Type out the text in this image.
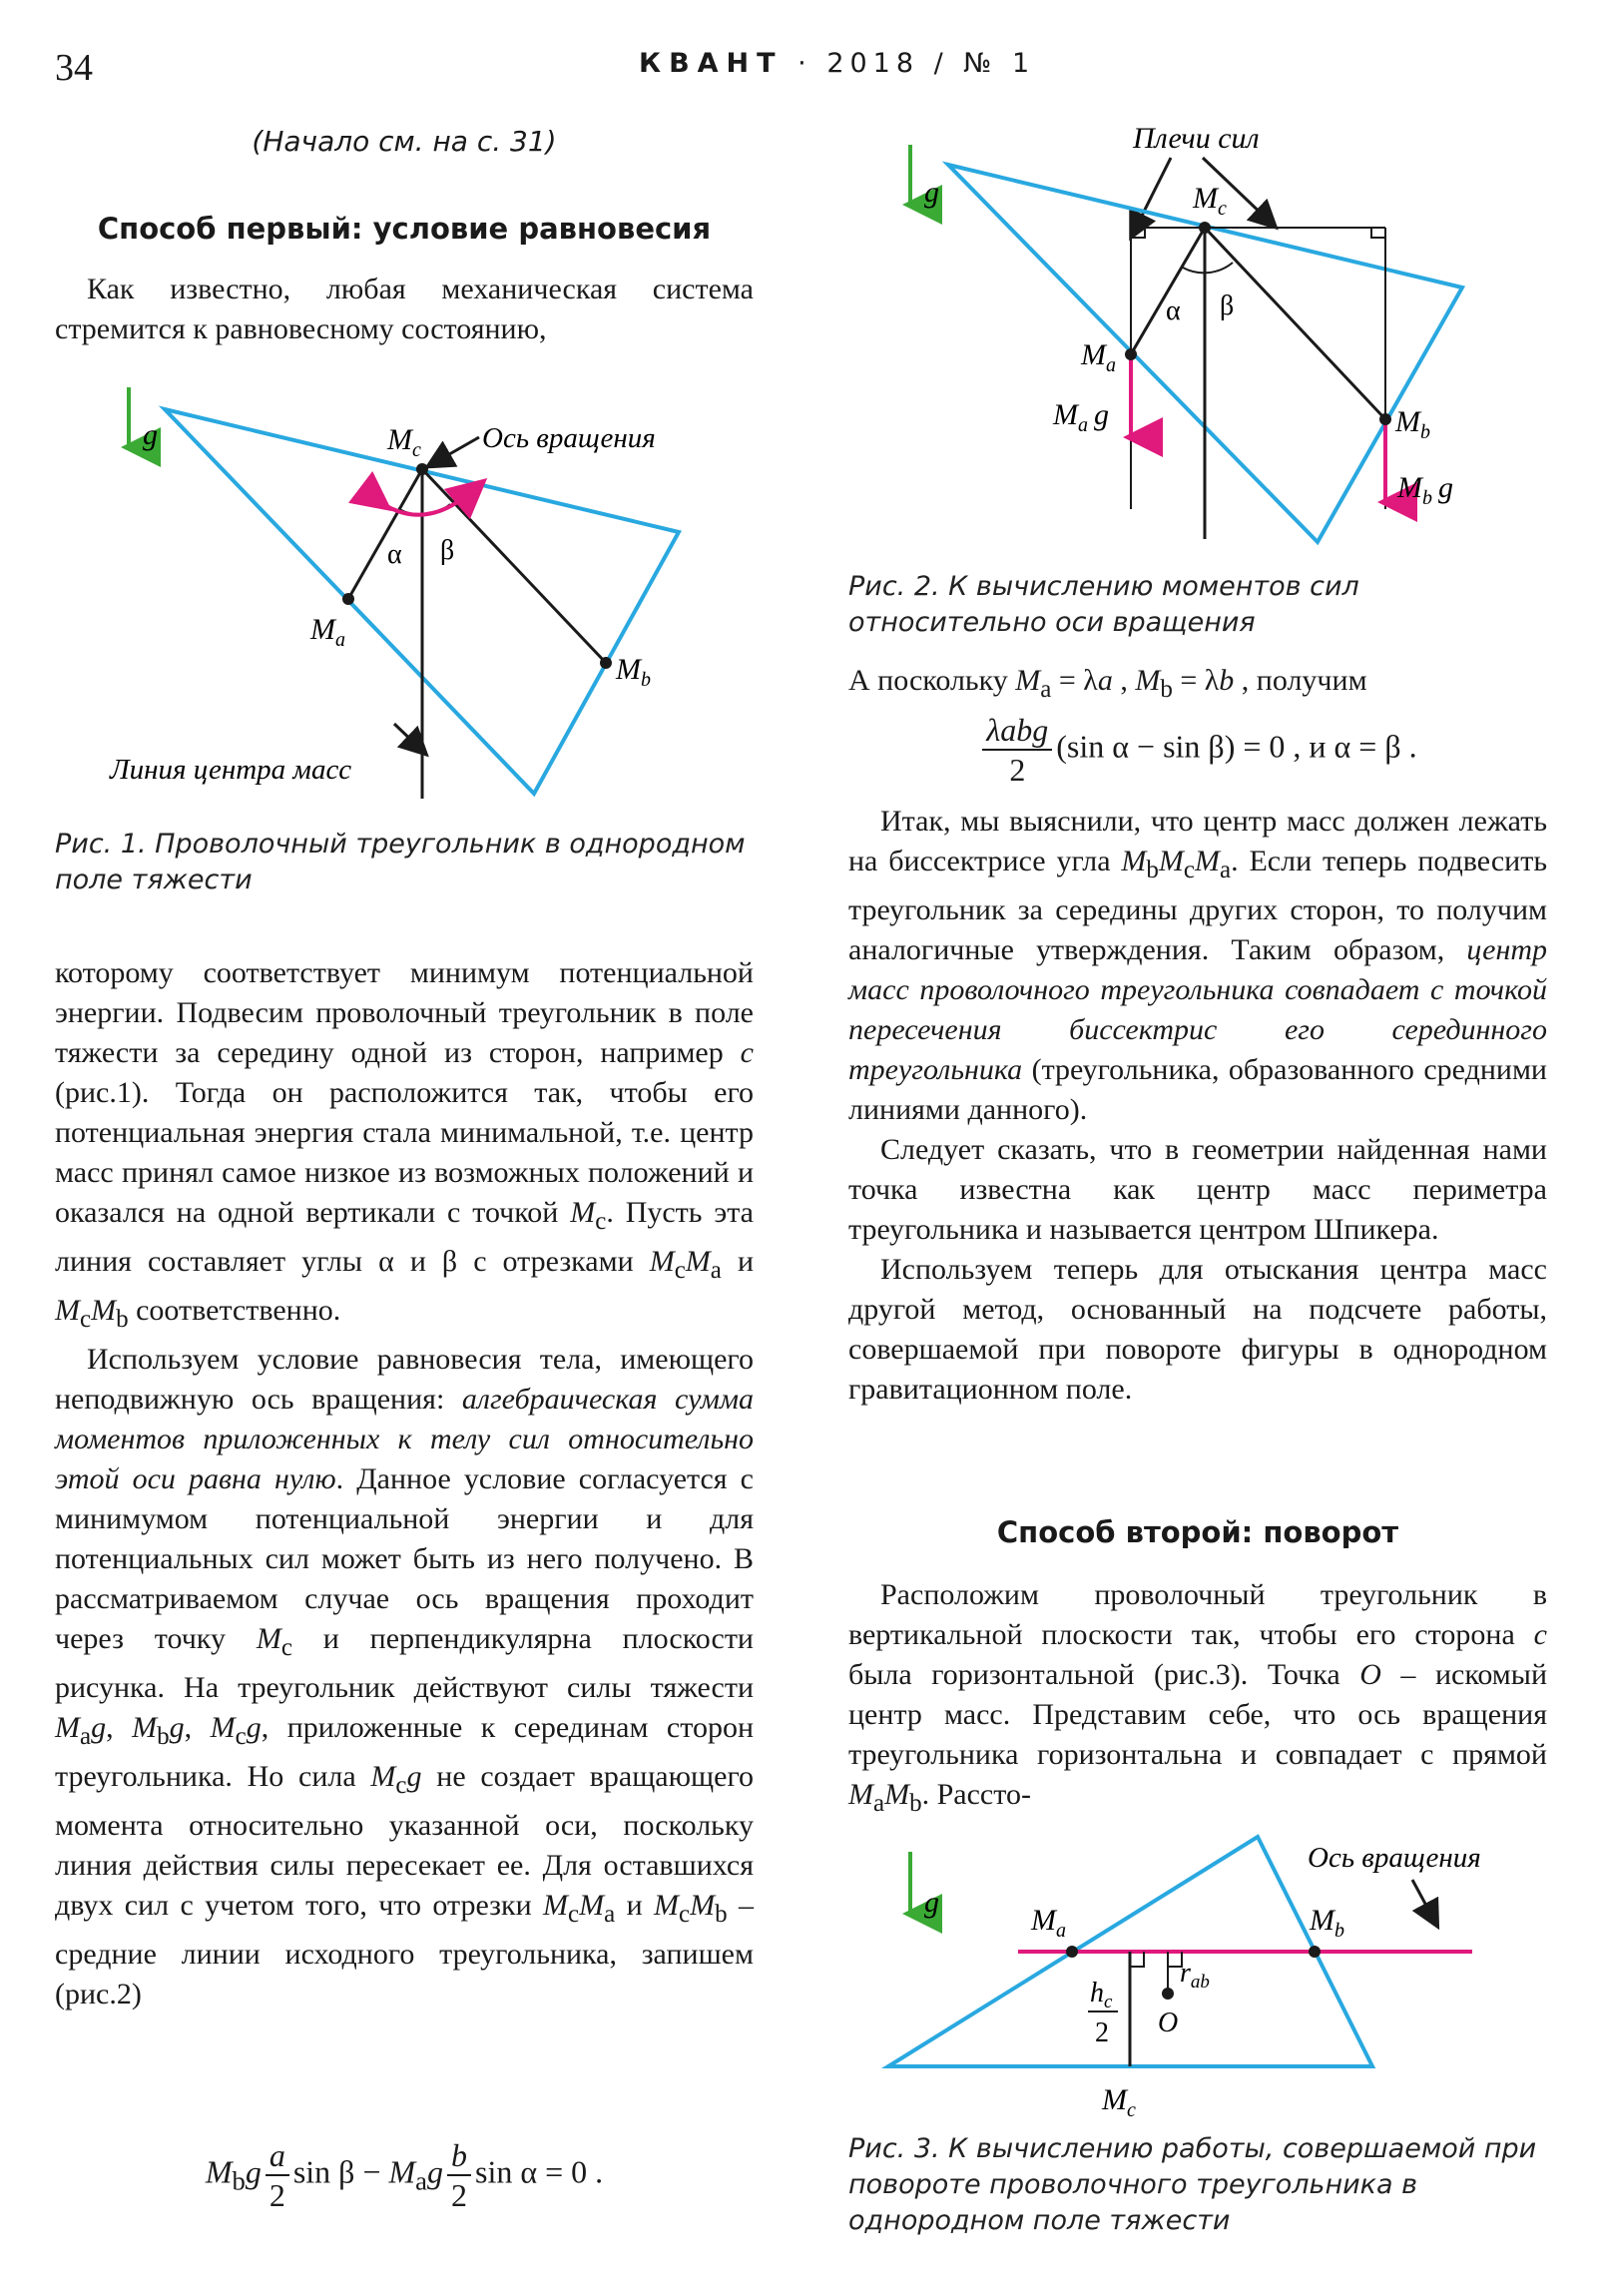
34	КВАНТ · 2018 / № 1
(Начало см. на с. 31)
Способ первый: условие равновесия

Как известно, любая механическая система стремится к равновесному состоянию,

g	$M_c$ Ось вращения
α β
$M_a$
$M_b$
Линия центра масс
Рис. 1. Проволочный треугольник в однородном поле тяжести

которому соответствует минимум потенциальной энергии. Подвесим проволочный треугольник в поле тяжести за середину одной из сторон, например c (рис.1). Тогда он расположится так, чтобы его потенциальная энергия стала минимальной, т.е. центр масс принял самое низкое из возможных положений и оказался на одной вертикали с точкой $M_c$. Пусть эта линия составляет углы α и β с отрезками $M_cM_a$ и $M_cM_b$ соответственно.

Используем условие равновесия тела, имеющего неподвижную ось вращения: алгебраическая сумма моментов приложенных к телу сил относительно этой оси равна нулю. Данное условие согласуется с минимумом потенциальной энергии и для потенциальных сил может быть из него получено. В рассматриваемом случае ось вращения проходит через точку $M_c$ и перпендикулярна плоскости рисунка. На треугольник действуют силы тяжести $M_ag$, $M_bg$, $M_cg$, приложенные к серединам сторон треугольника. Но сила $M_cg$ не создает вращающего момента относительно указанной оси, поскольку линия действия силы пересекает ее. Для оставшихся двух сил с учетом того, что отрезки $M_cM_a$ и $M_cM_b$ – средние линии исходного треугольника, запишем (рис.2)

$M_bg \frac{a}{2}$ $\sin \beta - M_ag \frac{b}{2}$ sin α = 0 .
Плечи сил
g	$M_c$
α β
$M_a$
$M_a$ g	$M_b$
$M_b$ g
Рис. 2. К вычислению моментов сил относительно оси вращения

А поскольку $M_a = \lambda a$ , $M_b = \lambda b$ , получим

$\frac{\text{λabg}}{2} (\sin$ α − sin β) = 0 , и α = β .

Итак, мы выяснили, что центр масс должен лежать на биссектрисе угла $M_bM_cM_a$. Если теперь подвесить треугольник за середины других сторон, то получим аналогичные утверждения. Таким образом, центр масс проволочного треугольника совпадает с точкой пересечения биссектрис его серединного треугольника (треугольника, образованного средними линиями данного).

Следует сказать, что в геометрии найденная нами точка известна как центр масс периметра треугольника и называется центром Шпикера.

Используем теперь для отыскания центра масс другой метод, основанный на подсчете работы, совершаемой при повороте фигуры в однородном гравитационном поле.

Способ второй: поворот

Расположим проволочный треугольник в вертикальной плоскости так, чтобы его сторона c была горизонтальной (рис.3). Точка O – искомый центр масс. Представим себе, что ось вращения треугольника горизонтальна и совпадает с прямой $M_aM_b$. Рассто-

g
Ось вращения
$M_a$	$M_b$
$h_c$
2
$r_{ab}$
O
$M_c$
Рис. 3. К вычислению работы, совершаемой при повороте проволочного треугольника в однородном поле тяжести
